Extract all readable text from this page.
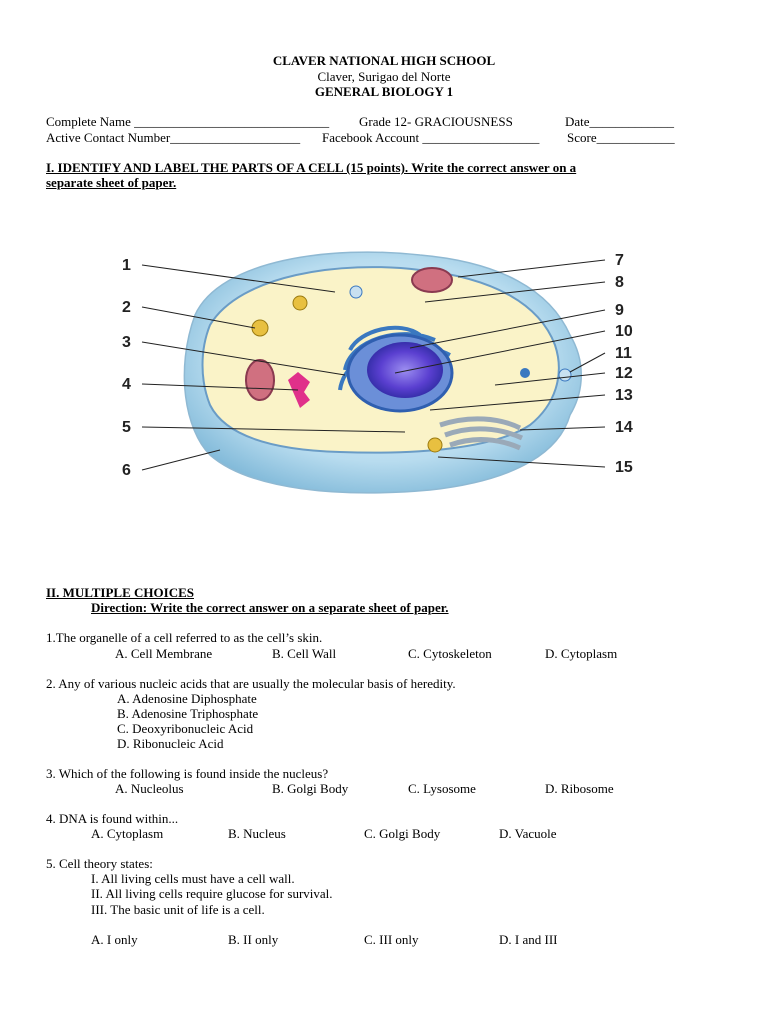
CLAVER NATIONAL HIGH SCHOOL
Claver, Surigao del Norte
GENERAL BIOLOGY 1
Complete Name ______________________________ Grade 12- GRACIOUSNESS	Date_____________
Active Contact Number____________________ Facebook Account __________________ Score____________
I. IDENTIFY AND LABEL THE PARTS OF A CELL (15 points). Write the correct answer on a
separate sheet of paper.
1
2
3
4
5
6
7
8
9
10
11
12
13
14
15
II. MULTIPLE CHOICES
Direction: Write the correct answer on a separate sheet of paper.
1.The organelle of a cell referred to as the cell’s skin.
A. Cell Membrane	B. Cell Wall	C. Cytoskeleton	D. Cytoplasm
2. Any of various nucleic acids that are usually the molecular basis of heredity.
A. Adenosine Diphosphate
B. Adenosine Triphosphate
C. Deoxyribonucleic Acid
D. Ribonucleic Acid
3. Which of the following is found inside the nucleus?
A. Nucleolus	B. Golgi Body	C. Lysosome	D. Ribosome
4. DNA is found within...
A. Cytoplasm	B. Nucleus	C. Golgi Body	D. Vacuole
5. Cell theory states:
I. All living cells must have a cell wall.
II. All living cells require glucose for survival.
III. The basic unit of life is a cell.
A. I only	B. II only	C. III only	D. I and III
